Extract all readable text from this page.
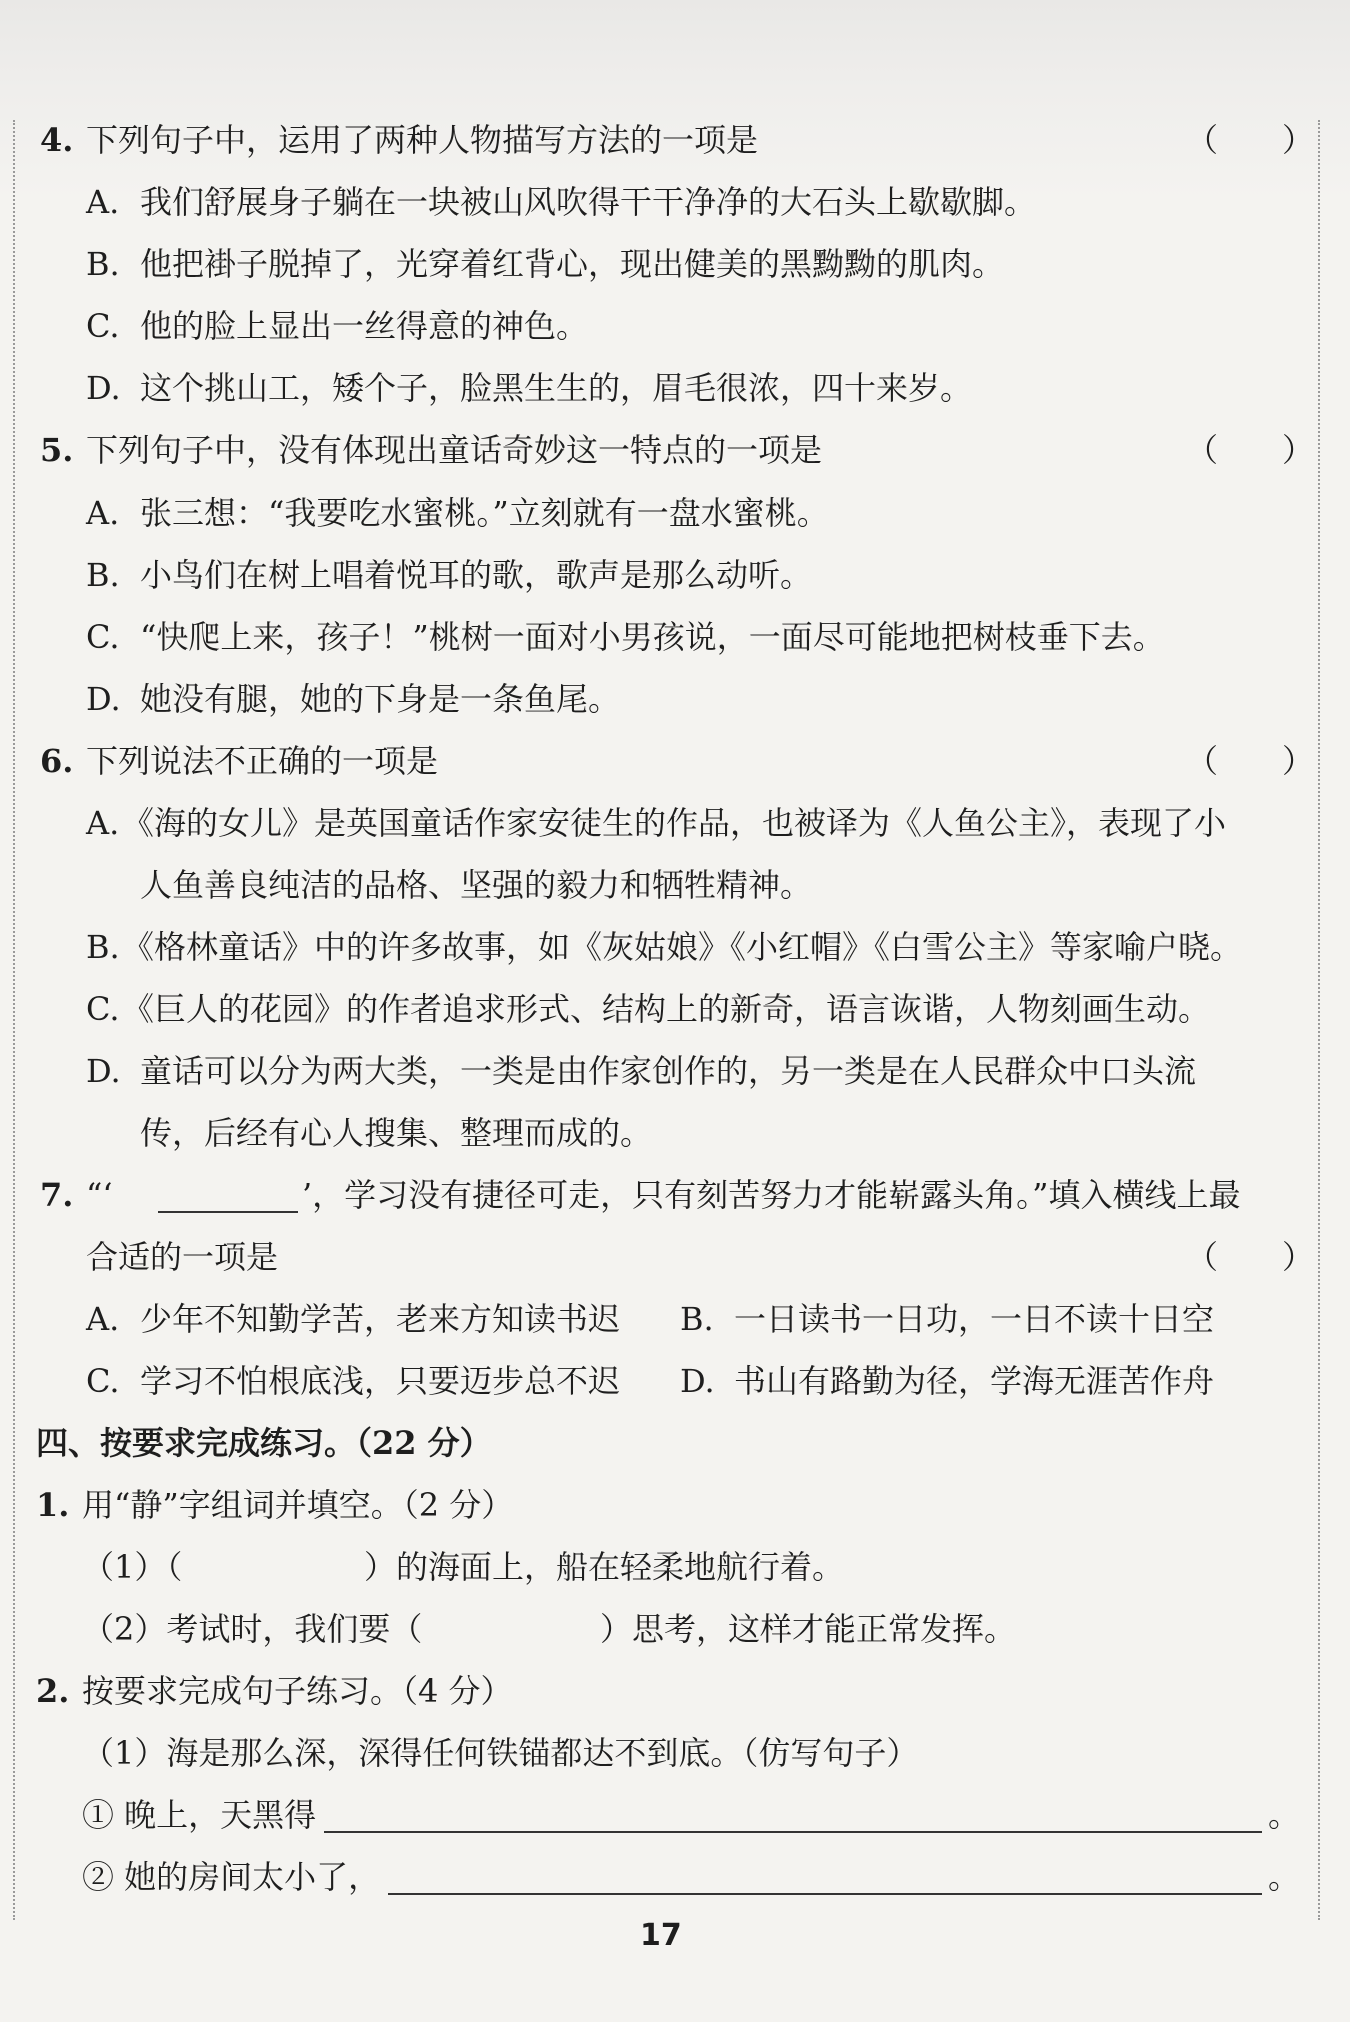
4. 下列句子中，运用了两种人物描写方法的一项是	（　　）
A. 我们舒展身子躺在一块被山风吹得干干净净的大石头上歇歇脚。
B. 他把褂子脱掉了，光穿着红背心，现出健美的黑黝黝的肌肉。
C. 他的脸上显出一丝得意的神色。
D. 这个挑山工，矮个子，脸黑生生的，眉毛很浓，四十来岁。
5. 下列句子中，没有体现出童话奇妙这一特点的一项是	（　　）
A. 张三想：“我要吃水蜜桃。”立刻就有一盘水蜜桃。
B. 小鸟们在树上唱着悦耳的歌，歌声是那么动听。
C. “快爬上来，孩子！”桃树一面对小男孩说，一面尽可能地把树枝垂下去。
D. 她没有腿，她的下身是一条鱼尾。
6. 下列说法不正确的一项是	（　　）
A.《海的女儿》是英国童话作家安徒生的作品，也被译为《人鱼公主》，表现了小
人鱼善良纯洁的品格、坚强的毅力和牺牲精神。
B.《格林童话》中的许多故事，如《灰姑娘》《小红帽》《白雪公主》等家喻户晓。
C.《巨人的花园》的作者追求形式、结构上的新奇，语言诙谐，人物刻画生动。
D. 童话可以分为两大类，一类是由作家创作的，另一类是在人民群众中口头流
传，后经有心人搜集、整理而成的。
7. “‘	’，学习没有捷径可走，只有刻苦努力才能崭露头角。”填入横线上最
合适的一项是	（　　）
A. 少年不知勤学苦，老来方知读书迟 B. 一日读书一日功，一日不读十日空
C. 学习不怕根底浅，只要迈步总不迟 D. 书山有路勤为径，学海无涯苦作舟
四、按要求完成练习。（22 分）
1. 用“静”字组词并填空。（2 分）
（1）（	）的海面上，船在轻柔地航行着。
（2）考试时，我们要（	）思考，这样才能正常发挥。
2. 按要求完成句子练习。（4 分）
（1）海是那么深，深得任何铁锚都达不到底。（仿写句子）
① 晚上，天黑得	。
② 她的房间太小了，	。
17
